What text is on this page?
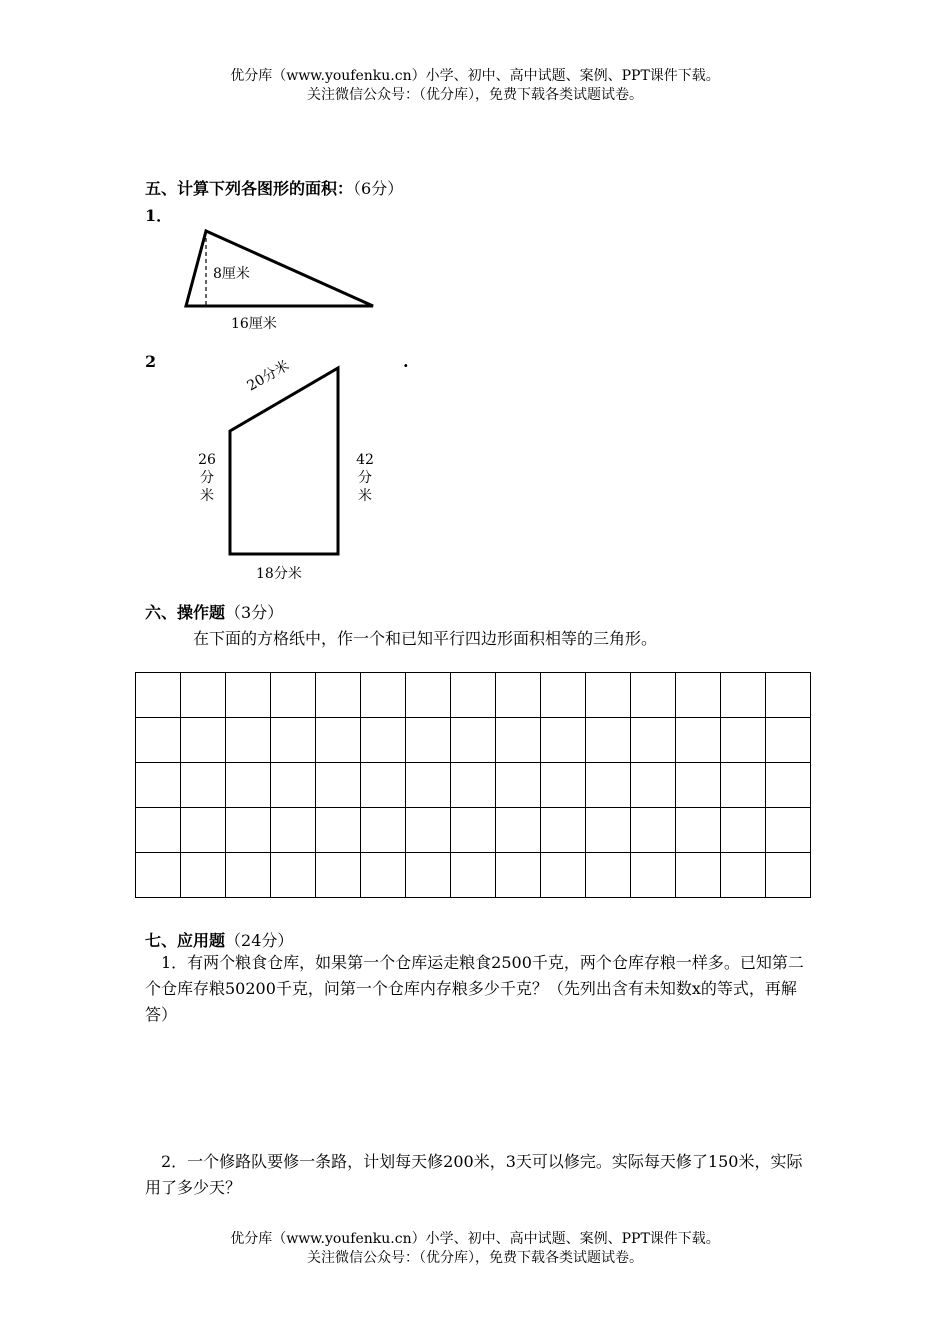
优分库（www.youfenku.cn）小学、初中、高中试题、案例、PPT课件下载。
关注微信公众号：（优分库），免费下载各类试题试卷。
五、计算下列各图形的面积：（6分）
1．
8厘米
16厘米
2	.
20分米
26
分
米
42
分
米
18分米
六、操作题（3分）
在下面的方格纸中，作一个和已知平行四边形面积相等的三角形。

七、应用题（24分）
1．有两个粮食仓库，如果第一个仓库运走粮食2500千克，两个仓库存粮一样多。已知第二个仓库存粮50200千克，问第一个仓库内存粮多少千克？（先列出含有未知数x的等式，再解答）
2．一个修路队要修一条路，计划每天修200米，3天可以修完。实际每天修了150米，实际用了多少天？
优分库（www.youfenku.cn）小学、初中、高中试题、案例、PPT课件下载。
关注微信公众号：（优分库），免费下载各类试题试卷。
